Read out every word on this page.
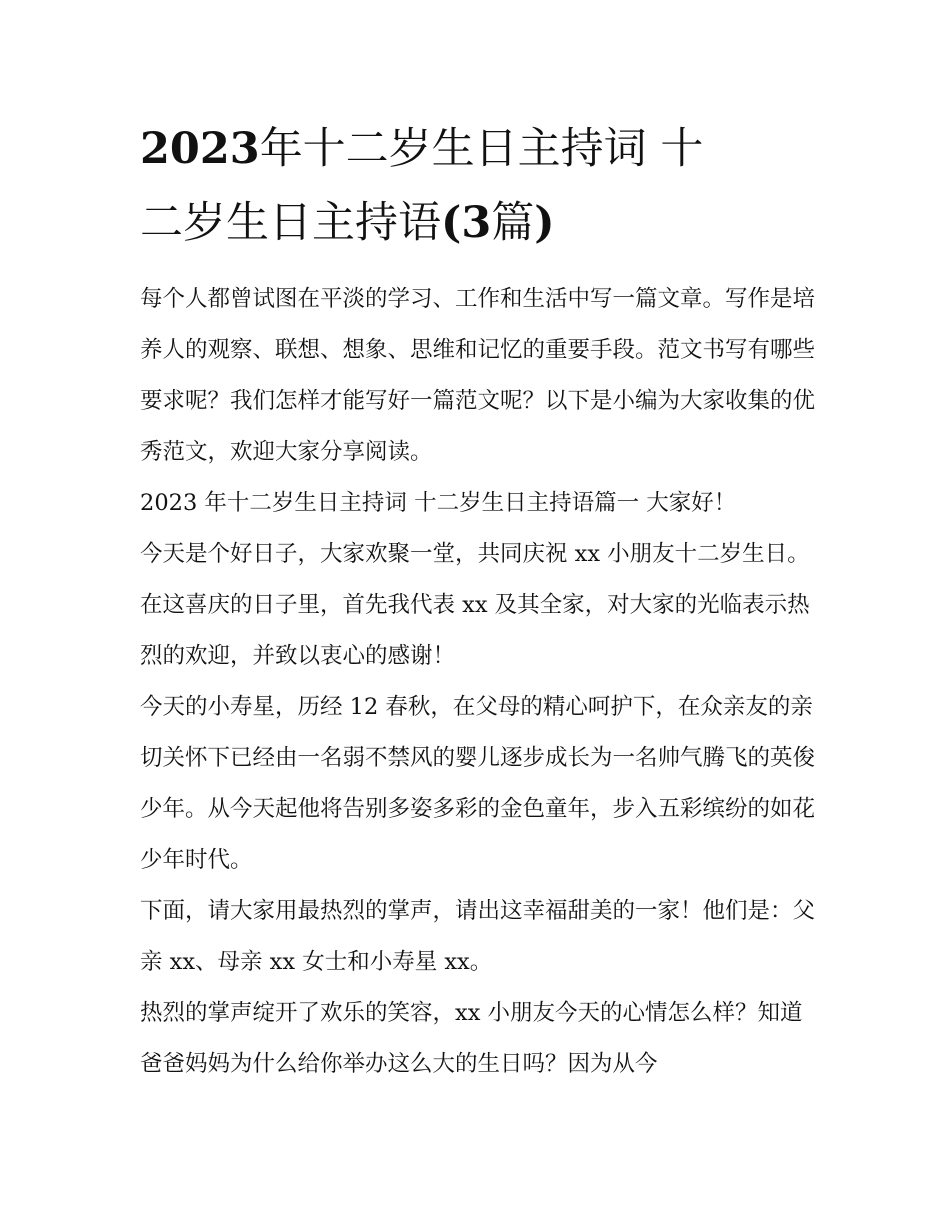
2023年十二岁生日主持词 十
二岁生日主持语(3篇)

每个人都曾试图在平淡的学习、工作和生活中写一篇文章。写作是培养人的观察、联想、想象、思维和记忆的重要手段。范文书写有哪些要求呢？我们怎样才能写好一篇范文呢？以下是小编为大家收集的优秀范文，欢迎大家分享阅读。

2023 年十二岁生日主持词 十二岁生日主持语篇一 大家好！

今天是个好日子，大家欢聚一堂，共同庆祝 xx 小朋友十二岁生日。在这喜庆的日子里，首先我代表 xx 及其全家，对大家的光临表示热烈的欢迎，并致以衷心的感谢！

今天的小寿星，历经 12 春秋，在父母的精心呵护下，在众亲友的亲切关怀下已经由一名弱不禁风的婴儿逐步成长为一名帅气腾飞的英俊少年。从今天起他将告别多姿多彩的金色童年，步入五彩缤纷的如花少年时代。

下面，请大家用最热烈的掌声，请出这幸福甜美的一家！他们是：父亲 xx、母亲 xx 女士和小寿星 xx。

热烈的掌声绽开了欢乐的笑容，xx 小朋友今天的心情怎么样？知道爸爸妈妈为什么给你举办这么大的生日吗？因为从今
